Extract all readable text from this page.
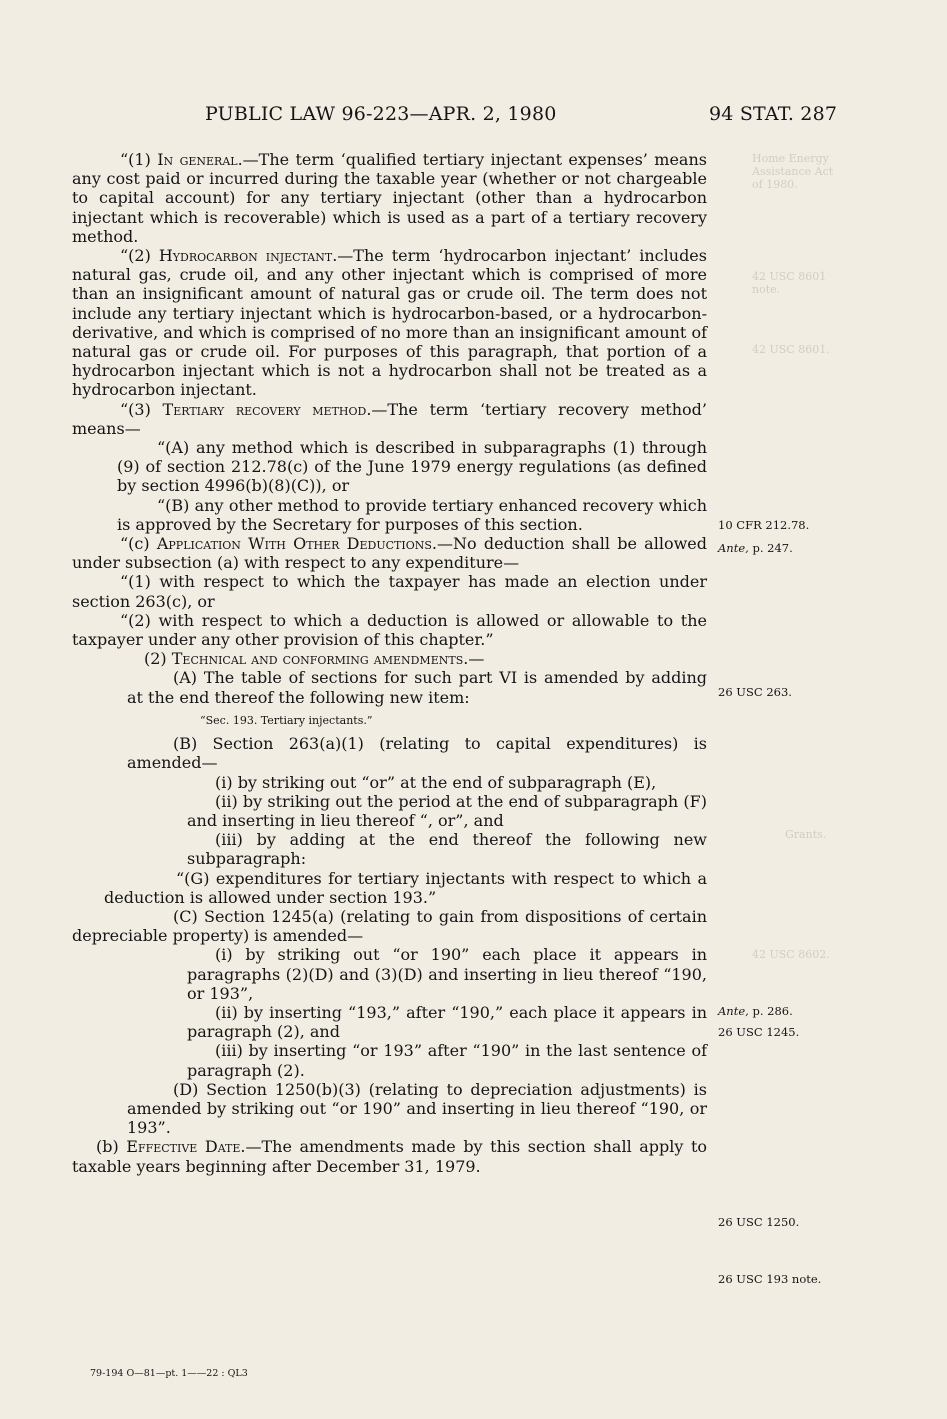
PUBLIC LAW 96-223—APR. 2, 1980	94 STAT. 287
Home Energy Assistance Act of 1980.
42 USC 8601 note.
42 USC 8601.
Grants.
42 USC 8602.

“(1) In general.—The term ‘qualified tertiary injectant expenses’ means any cost paid or incurred during the taxable year (whether or not chargeable to capital account) for any tertiary injectant (other than a hydrocarbon injectant which is recoverable) which is used as a part of a tertiary recovery method.

“(2) Hydrocarbon injectant.—The term ‘hydrocarbon injectant’ includes natural gas, crude oil, and any other injectant which is comprised of more than an insignificant amount of natural gas or crude oil. The term does not include any tertiary injectant which is hydrocarbon-based, or a hydrocarbon-derivative, and which is comprised of no more than an insignificant amount of natural gas or crude oil. For purposes of this paragraph, that portion of a hydrocarbon injectant which is not a hydrocarbon shall not be treated as a hydrocarbon injectant.

“(3) Tertiary recovery method.—The term ‘tertiary recovery method’ means—

“(A) any method which is described in subparagraphs (1) through (9) of section 212.78(c) of the June 1979 energy regulations (as defined by section 4996(b)(8)(C)), or

“(B) any other method to provide tertiary enhanced recovery which is approved by the Secretary for purposes of this section.

“(c) Application With Other Deductions.—No deduction shall be allowed under subsection (a) with respect to any expenditure—

“(1) with respect to which the taxpayer has made an election under section 263(c), or

“(2) with respect to which a deduction is allowed or allowable to the taxpayer under any other provision of this chapter.”

(2) Technical and conforming amendments.—

(A) The table of sections for such part VI is amended by adding at the end thereof the following new item:

“Sec. 193. Tertiary injectants.”

(B) Section 263(a)(1) (relating to capital expenditures) is amended—

(i) by striking out “or” at the end of subparagraph (E),

(ii) by striking out the period at the end of subparagraph (F) and inserting in lieu thereof “, or”, and

(iii) by adding at the end thereof the following new subparagraph:

“(G) expenditures for tertiary injectants with respect to which a deduction is allowed under section 193.”

(C) Section 1245(a) (relating to gain from dispositions of certain depreciable property) is amended—

(i) by striking out “or 190” each place it appears in paragraphs (2)(D) and (3)(D) and inserting in lieu thereof “190, or 193”,

(ii) by inserting “193,” after “190,” each place it appears in paragraph (2), and

(iii) by inserting “or 193” after “190” in the last sentence of paragraph (2).

(D) Section 1250(b)(3) (relating to depreciation adjustments) is amended by striking out “or 190” and inserting in lieu thereof “190, or 193”.

(b) Effective Date.—The amendments made by this section shall apply to taxable years beginning after December 31, 1979.

10 CFR 212.78.
Ante, p. 247.
26 USC 263.
Ante, p. 286.
26 USC 1245.
26 USC 1250.
26 USC 193 note.
79-194 O—81—pt. 1——22 : QL3
